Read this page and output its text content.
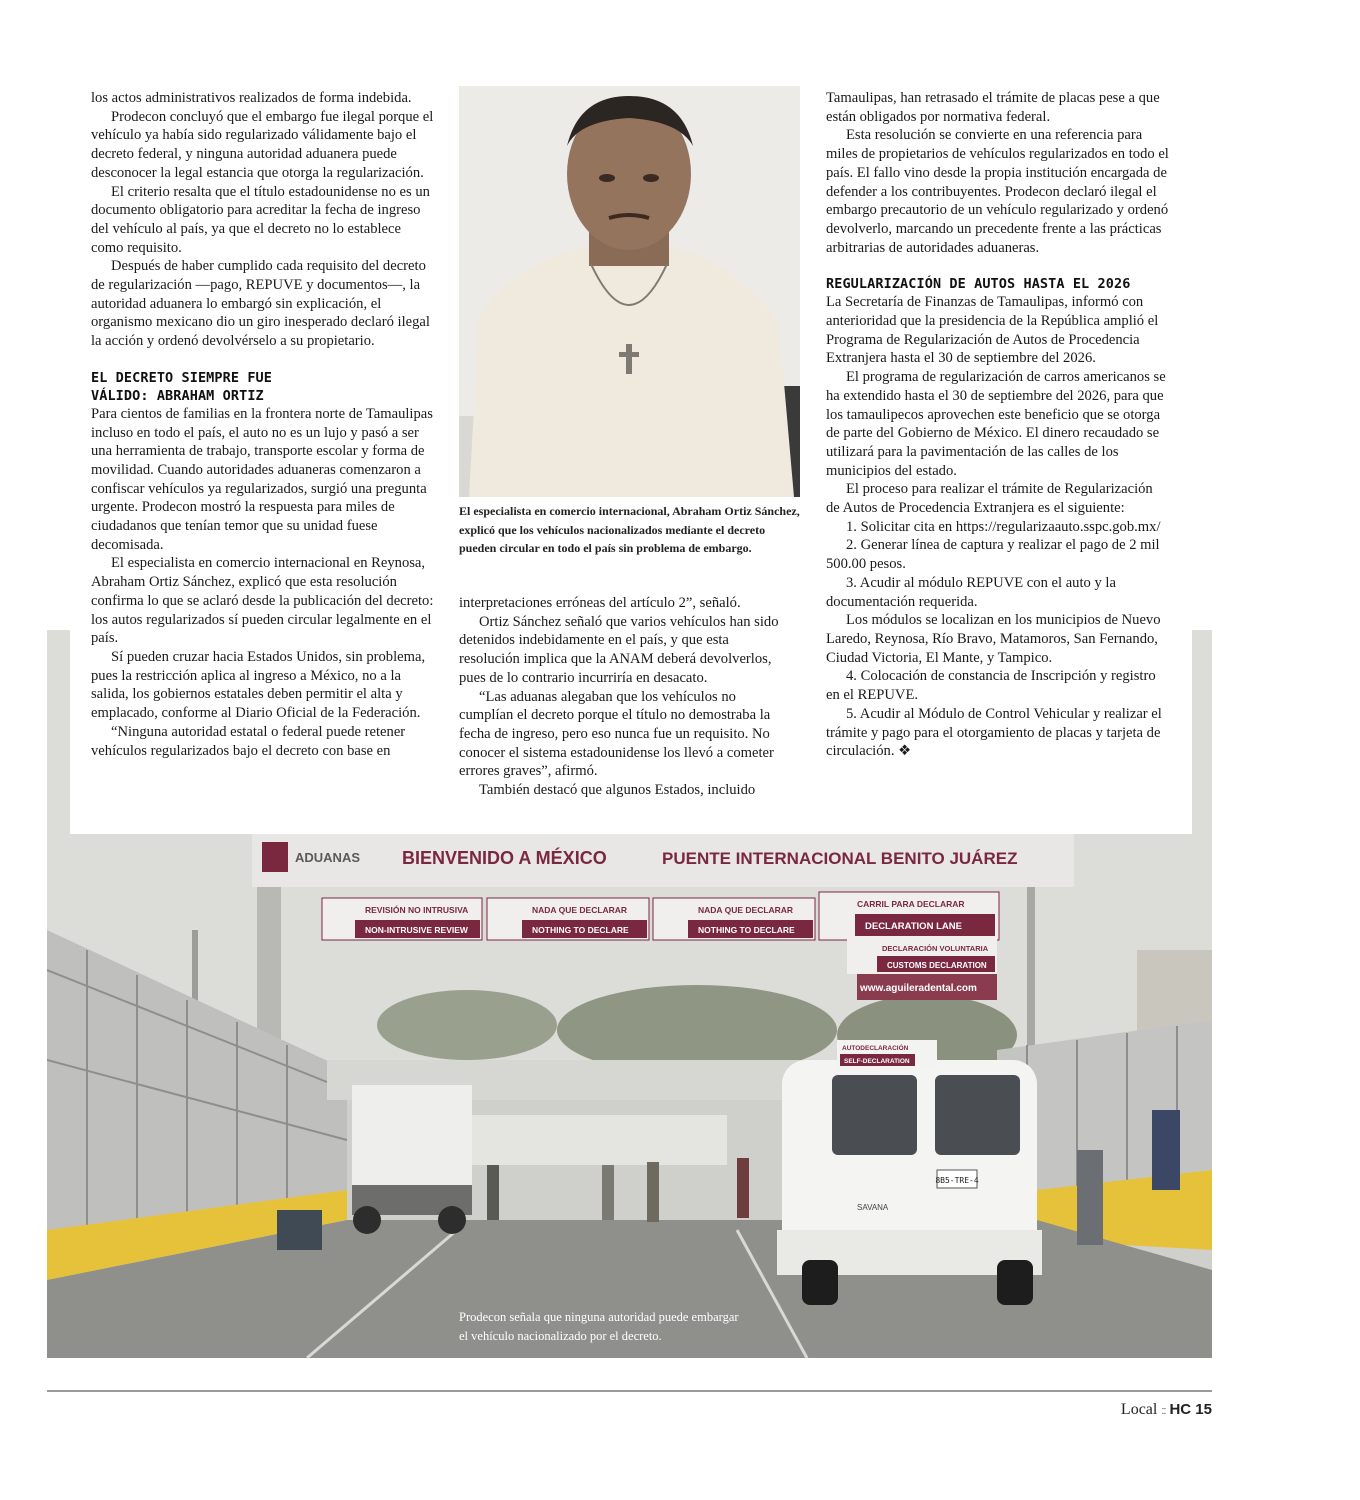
8B5-TRE-4
SAVANA
ADUANAS BIENVENIDO A MÉXICO	PUENTE INTERNACIONAL BENITO JUÁREZ
REVISIÓN NO INTRUSIVA
NON-INTRUSIVE REVIEW
NADA QUE DECLARAR
NOTHING TO DECLARE
NADA QUE DECLARAR
NOTHING TO DECLARE
CARRIL PARA DECLARAR
DECLARATION LANE
DECLARACIÓN VOLUNTARIA
CUSTOMS DECLARATION
www.aguileradental.com
AUTODECLARACIÓN
SELF-DECLARATION

los actos administrativos realizados de forma indebida.

Prodecon concluyó que el embargo fue ilegal porque el vehículo ya había sido regularizado válidamente bajo el decreto federal, y ninguna autoridad aduanera puede desconocer la legal estancia que otorga la regularización.

El criterio resalta que el título estadounidense no es un documento obligatorio para acreditar la fecha de ingreso del vehículo al país, ya que el decreto no lo establece como requisito.

Después de haber cumplido cada requisito del decreto de regularización —pago, REPUVE y documentos—, la autoridad aduanera lo embargó sin explicación, el organismo mexicano dio un giro inesperado declaró ilegal la acción y ordenó devolvérselo a su propietario.

EL DECRETO SIEMPRE FUE
VÁLIDO: ABRAHAM ORTIZ

Para cientos de familias en la frontera norte de Tamaulipas incluso en todo el país, el auto no es un lujo y pasó a ser una herramienta de trabajo, transporte escolar y forma de movilidad. Cuando autoridades aduaneras comenzaron a confiscar vehículos ya regularizados, surgió una pregunta urgente. Prodecon mostró la respuesta para miles de ciudadanos que tenían temor que su unidad fuese decomisada.

El especialista en comercio internacional en Reynosa, Abraham Ortiz Sánchez, explicó que esta resolución confirma lo que se aclaró desde la publicación del decreto: los autos regularizados sí pueden circular legalmente en el país.

Sí pueden cruzar hacia Estados Unidos, sin problema, pues la restricción aplica al ingreso a México, no a la salida, los gobiernos estatales deben permitir el alta y emplacado, conforme al Diario Oficial de la Federación.

“Ninguna autoridad estatal o federal puede retener vehículos regularizados bajo el decreto con base en

El especialista en comercio internacional, Abraham Ortiz Sánchez, explicó que los vehículos nacionalizados mediante el decreto pueden circular en todo el país sin problema de embargo.

interpretaciones erróneas del artículo 2”, señaló.

Ortiz Sánchez señaló que varios vehículos han sido detenidos indebidamente en el país, y que esta resolución implica que la ANAM deberá devolverlos, pues de lo contrario incurriría en desacato.

“Las aduanas alegaban que los vehículos no cumplían el decreto porque el título no demostraba la fecha de ingreso, pero eso nunca fue un requisito. No conocer el sistema estadounidense los llevó a cometer errores graves”, afirmó.

También destacó que algunos Estados, incluido

Tamaulipas, han retrasado el trámite de placas pese a que están obligados por normativa federal.

Esta resolución se convierte en una referencia para miles de propietarios de vehículos regularizados en todo el país. El fallo vino desde la propia institución encargada de defender a los contribuyentes. Prodecon declaró ilegal el embargo precautorio de un vehículo regularizado y ordenó devolverlo, marcando un precedente frente a las prácticas arbitrarias de autoridades aduaneras.

REGULARIZACIÓN DE AUTOS HASTA EL 2026

La Secretaría de Finanzas de Tamaulipas, informó con anterioridad que la presidencia de la República amplió el Programa de Regularización de Autos de Procedencia Extranjera hasta el 30 de septiembre del 2026.

El programa de regularización de carros americanos se ha extendido hasta el 30 de septiembre del 2026, para que los tamaulipecos aprovechen este beneficio que se otorga de parte del Gobierno de México. El dinero recaudado se utilizará para la pavimentación de las calles de los municipios del estado.

El proceso para realizar el trámite de Regularización de Autos de Procedencia Extranjera es el siguiente:

1. Solicitar cita en https://regularizaauto.sspc.gob.mx/

2. Generar línea de captura y realizar el pago de 2 mil 500.00 pesos.

3. Acudir al módulo REPUVE con el auto y la documentación requerida.

Los módulos se localizan en los municipios de Nuevo Laredo, Reynosa, Río Bravo, Matamoros, San Fernando, Ciudad Victoria, El Mante, y Tampico.

4. Colocación de constancia de Inscripción y registro en el REPUVE.

5. Acudir al Módulo de Control Vehicular y realizar el trámite y pago para el otorgamiento de placas y tarjeta de circulación. ❖

Prodecon señala que ninguna autoridad puede embargar el vehículo nacionalizado por el decreto.

Local :: HC 15
